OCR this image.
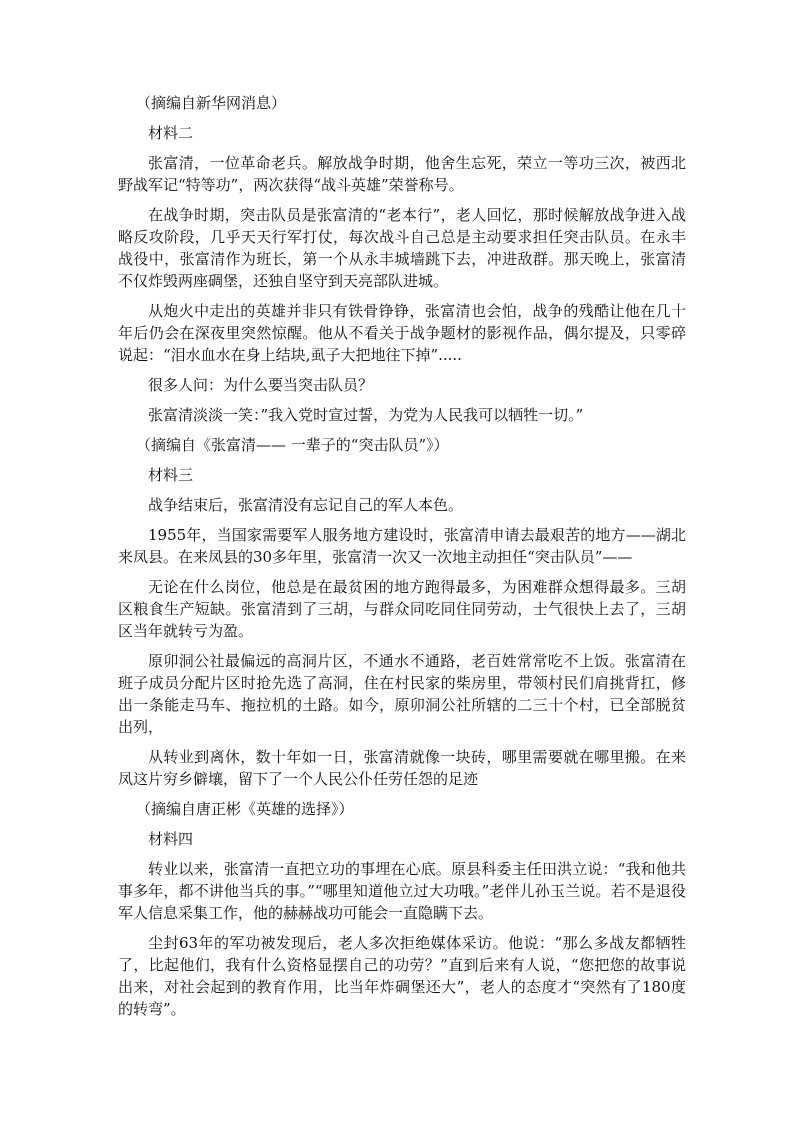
（摘编自新华网消息）

材料二

张富清，一位革命老兵。解放战争时期，他舍生忘死，荣立一等功三次，被西北野战军记“特等功”，两次获得“战斗英雄”荣誉称号。

在战争时期，突击队员是张富清的“老本行”，老人回忆，那时候解放战争进入战略反攻阶段，几乎天天行军打仗，每次战斗自己总是主动要求担任突击队员。在永丰战役中，张富清作为班长，第一个从永丰城墙跳下去，冲进敌群。那天晚上，张富清不仅炸毁两座碉堡，还独自坚守到天亮部队进城。

从炮火中走出的英雄并非只有铁骨铮铮，张富清也会怕，战争的残酷让他在几十年后仍会在深夜里突然惊醒。他从不看关于战争题材的影视作品，偶尔提及，只零碎说起：“泪水血水在身上结块,虱子大把地往下掉”.....

很多人问：为什么要当突击队员？

张富清淡淡一笑：”我入党时宣过誓，为党为人民我可以牺牲一切。”

（摘编自《张富清—— 一辈子的“突击队员”》）

材料三

战争结束后，张富清没有忘记自己的军人本色。

1955年，当国家需要军人服务地方建设时，张富清申请去最艰苦的地方——湖北来凤县。在来凤县的30多年里，张富清一次又一次地主动担任“突击队员”——

无论在什么岗位，他总是在最贫困的地方跑得最多，为困难群众想得最多。三胡区粮食生产短缺。张富清到了三胡，与群众同吃同住同劳动，士气很快上去了，三胡区当年就转亏为盈。

原卯洞公社最偏远的高洞片区，不通水不通路，老百姓常常吃不上饭。张富清在班子成员分配片区时抢先选了高洞，住在村民家的柴房里，带领村民们肩挑背扛，修出一条能走马车、拖拉机的土路。如今，原卯洞公社所辖的二三十个村，已全部脱贫出列，

从转业到离休，数十年如一日，张富清就像一块砖，哪里需要就在哪里搬。在来凤这片穷乡僻壤，留下了一个人民公仆任劳任怨的足迹

（摘编自唐正彬《英雄的选择》）

材料四

转业以来，张富清一直把立功的事埋在心底。原县科委主任田洪立说：“我和他共事多年，都不讲他当兵的事。”“哪里知道他立过大功哦。”老伴儿孙玉兰说。若不是退役军人信息采集工作，他的赫赫战功可能会一直隐瞒下去。

尘封63年的军功被发现后，老人多次拒绝媒体采访。他说：“那么多战友都牺牲了，比起他们，我有什么资格显摆自己的功劳？”直到后来有人说，“您把您的故事说出来，对社会起到的教育作用，比当年炸碉堡还大”，老人的态度才“突然有了180度的转弯”。
